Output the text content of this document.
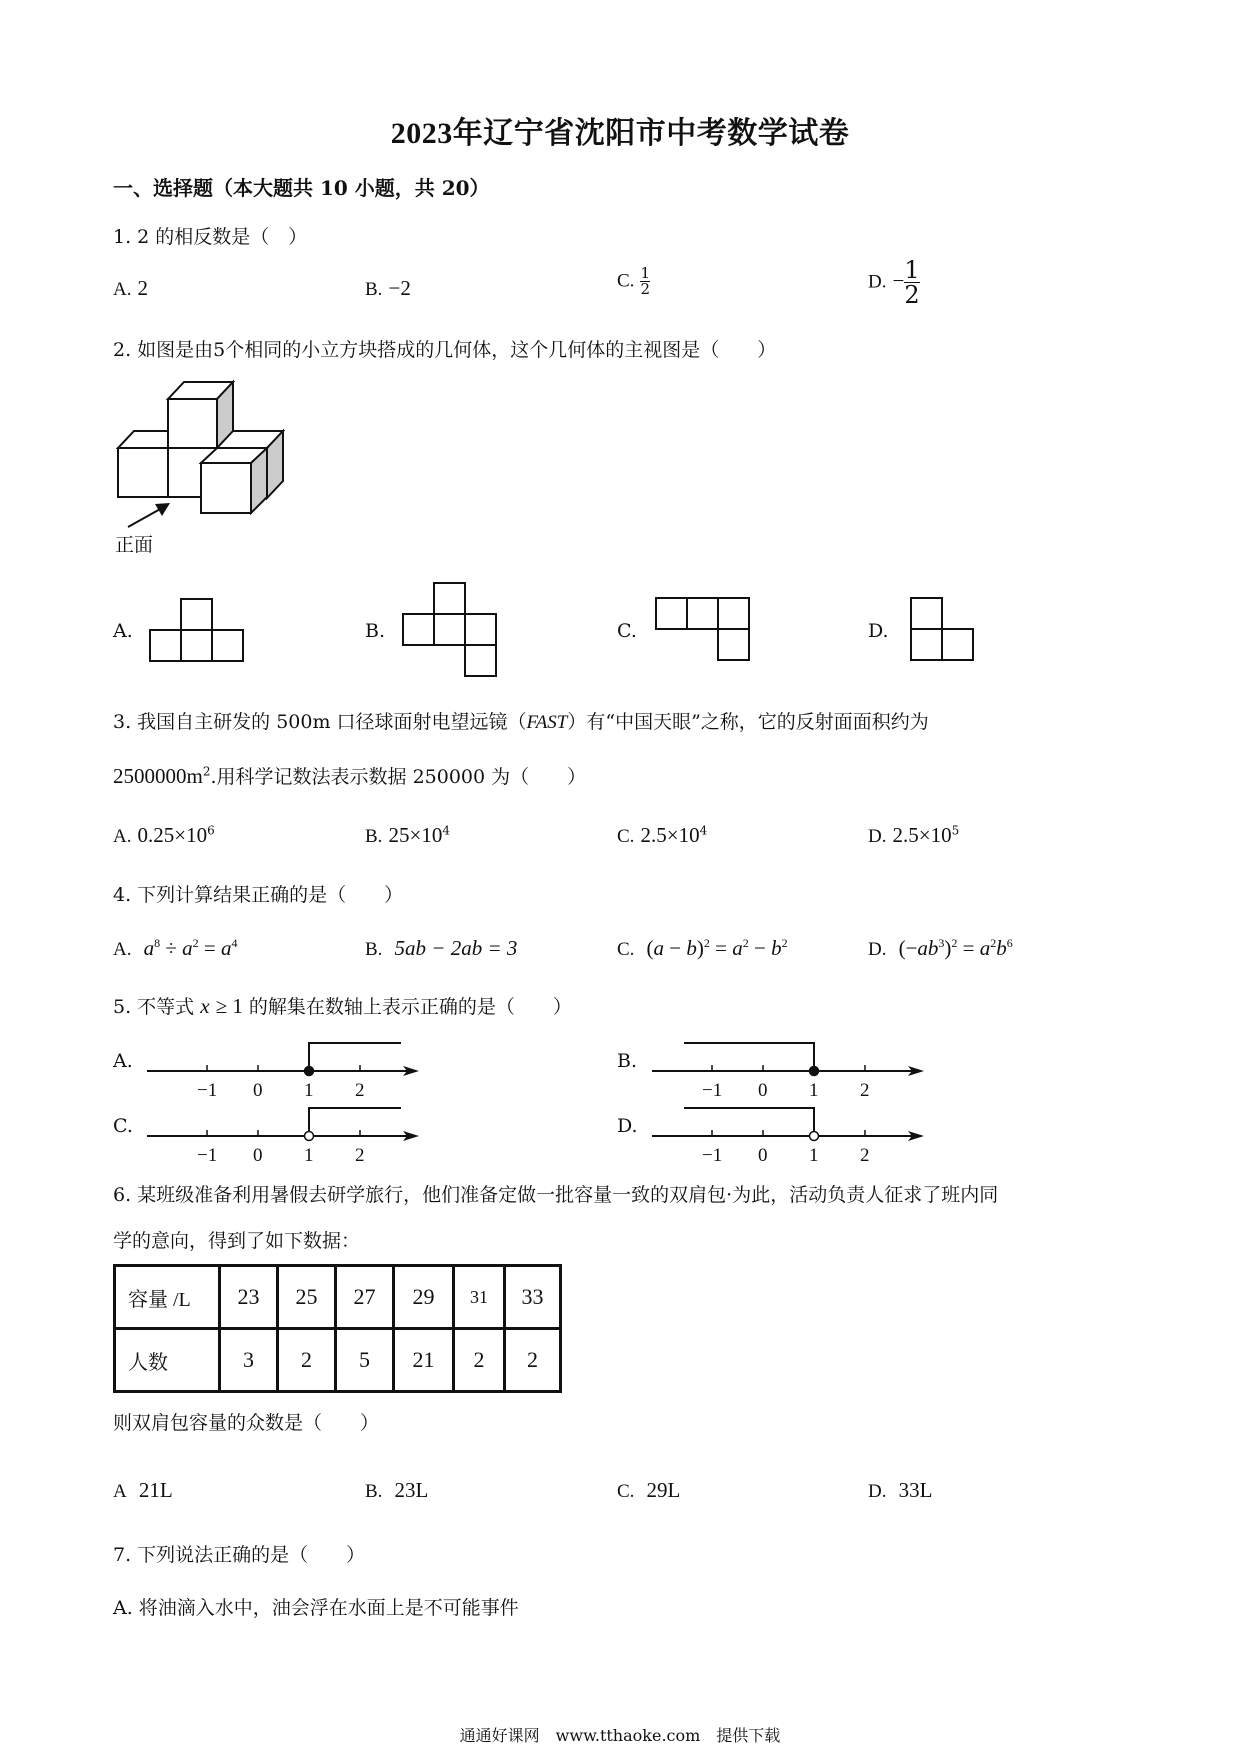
2023年辽宁省沈阳市中考数学试卷
一、选择题（本大题共 10 小题，共 20）
1. 2 的相反数是（　）
A. 2	B. −2	C. $\frac{1}{2}$	D. − $\frac{1}{2}$
2. 如图是由5个相同的小立方块搭成的几何体，这个几何体的主视图是（　　）
正面
A.	B.	C.	D.
3. 我国自主研发的 500m 口径球面射电望远镜（FAST）有“中国天眼”之称，它的反射面面积约为
$2500000m^2$.用科学记数法表示数据 250000 为（　　）
A. $0.25\times 10^6$	B. $25\times 10^4$	C. $2.5\times 10^4$	D. $2.5\times 10^5$
4. 下列计算结果正确的是（　　）
A. $a^8 \div a^2 = a^4$	B. 5ab − 2ab = 3	C. $(a - b)^2 = a^2 - b^2$	D. $(-ab^3)^2 = a^2b^6$
5. 不等式 x ≥ 1 的解集在数轴上表示正确的是（　　）
A.	B.
C.	D.
−1 0 1 2	−1 0 1 2
−1 0 1 2	−1 0 1 2
6. 某班级准备利用暑假去研学旅行，他们准备定做一批容量一致的双肩包·为此，活动负责人征求了班内同
学的意向，得到了如下数据：
容量 /L	23	25	27	29	31	33
人数	3	2	5	21	2	2
则双肩包容量的众数是（　　）
A 21L	B. 23L	C. 29L	D. 33L
7. 下列说法正确的是（　　）
A. 将油滴入水中，油会浮在水面上是不可能事件
通通好课网　www.tthaoke.com　提供下载
